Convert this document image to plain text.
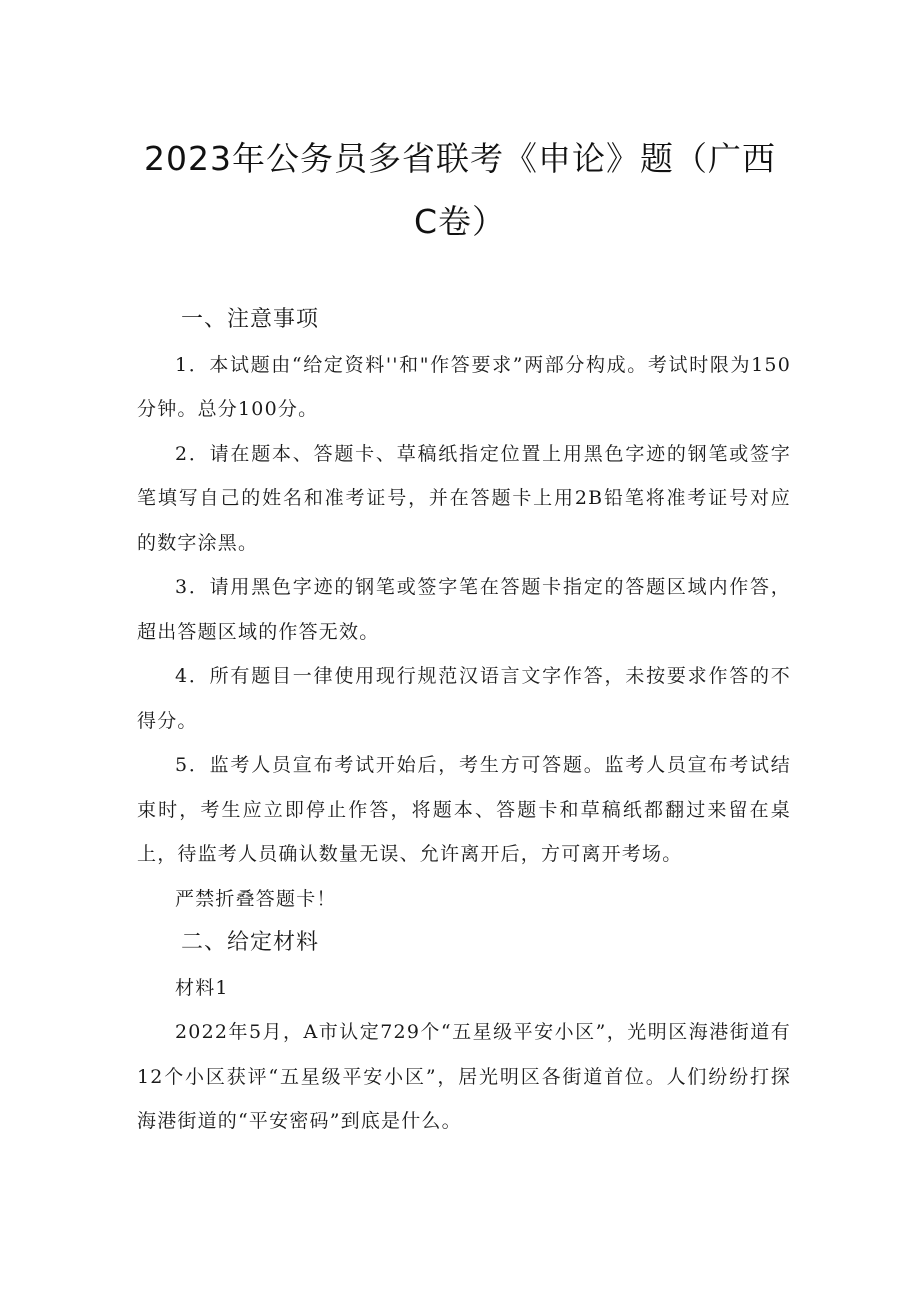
2023年公务员多省联考《申论》题（广西
C卷）

一、注意事项

1．本试题由“给定资料''和"作答要求”两部分构成。考试时限为150分钟。总分100分。

2．请在题本、答题卡、草稿纸指定位置上用黑色字迹的钢笔或签字笔填写自己的姓名和准考证号，并在答题卡上用2B铅笔将准考证号对应的数字涂黑。

3．请用黑色字迹的钢笔或签字笔在答题卡指定的答题区域内作答，超出答题区域的作答无效。

4．所有题目一律使用现行规范汉语言文字作答，未按要求作答的不得分。

5．监考人员宣布考试开始后，考生方可答题。监考人员宣布考试结束时，考生应立即停止作答，将题本、答题卡和草稿纸都翻过来留在桌上，待监考人员确认数量无误、允许离开后，方可离开考场。

严禁折叠答题卡！

二、给定材料

材料1

2022年5月，A市认定729个“五星级平安小区”，光明区海港街道有12个小区获评“五星级平安小区”，居光明区各街道首位。人们纷纷打探海港街道的“平安密码”到底是什么。
